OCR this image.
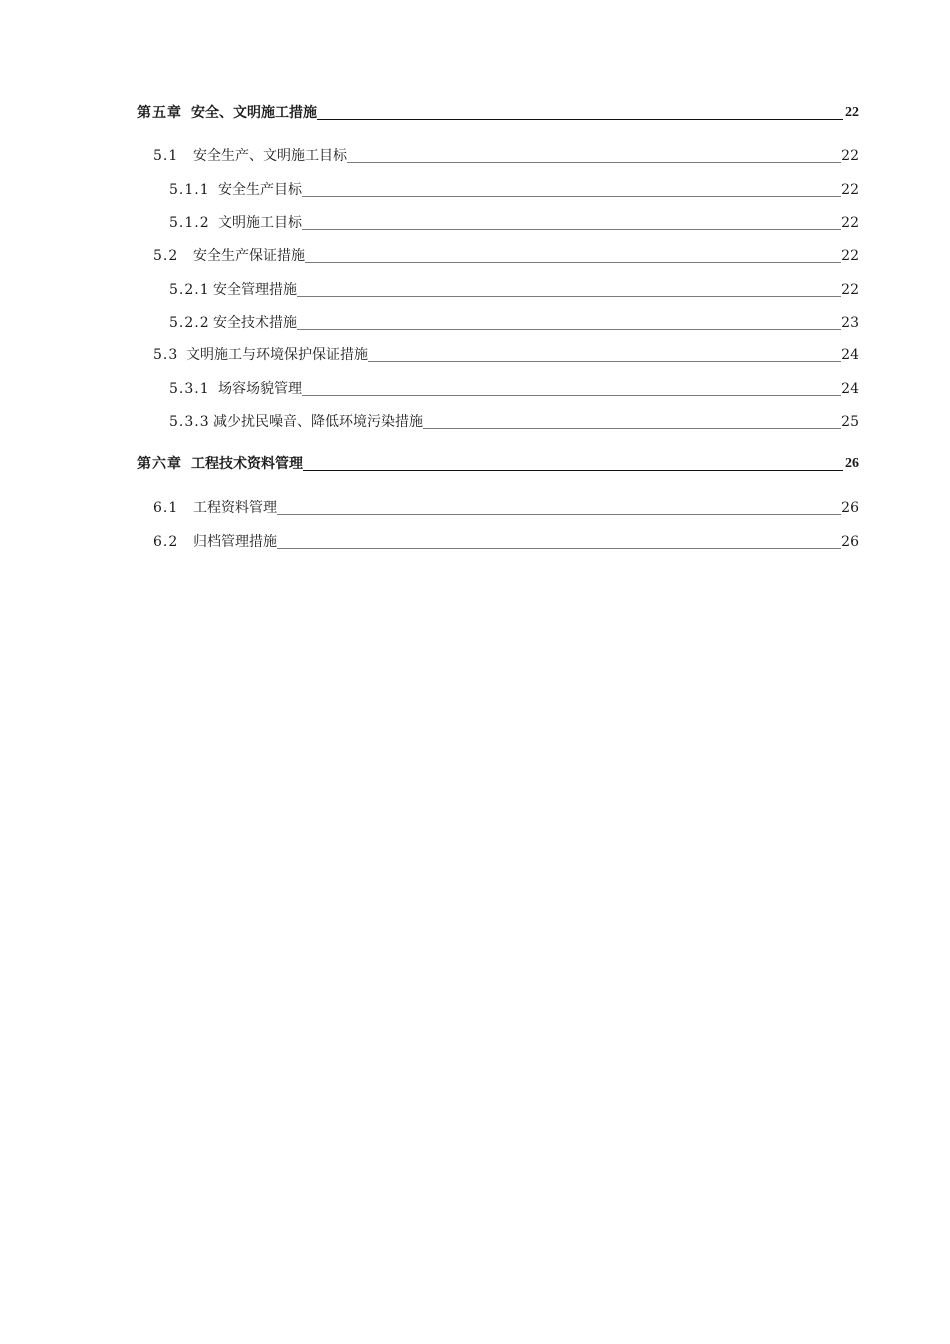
第五章 安全、文明施工措施	22
5.1	安全生产、文明施工目标	22
5.1.1 安全生产目标	22
5.1.2 文明施工目标	22
5.2	安全生产保证措施	22
5.2.1 安全管理措施	22
5.2.2 安全技术措施	23
5.3 文明施工与环境保护保证措施	24
5.3.1 场容场貌管理	24
5.3.3 减少扰民噪音、降低环境污染措施	25
第六章 工程技术资料管理	26
6.1	工程资料管理	26
6.2	归档管理措施	26
